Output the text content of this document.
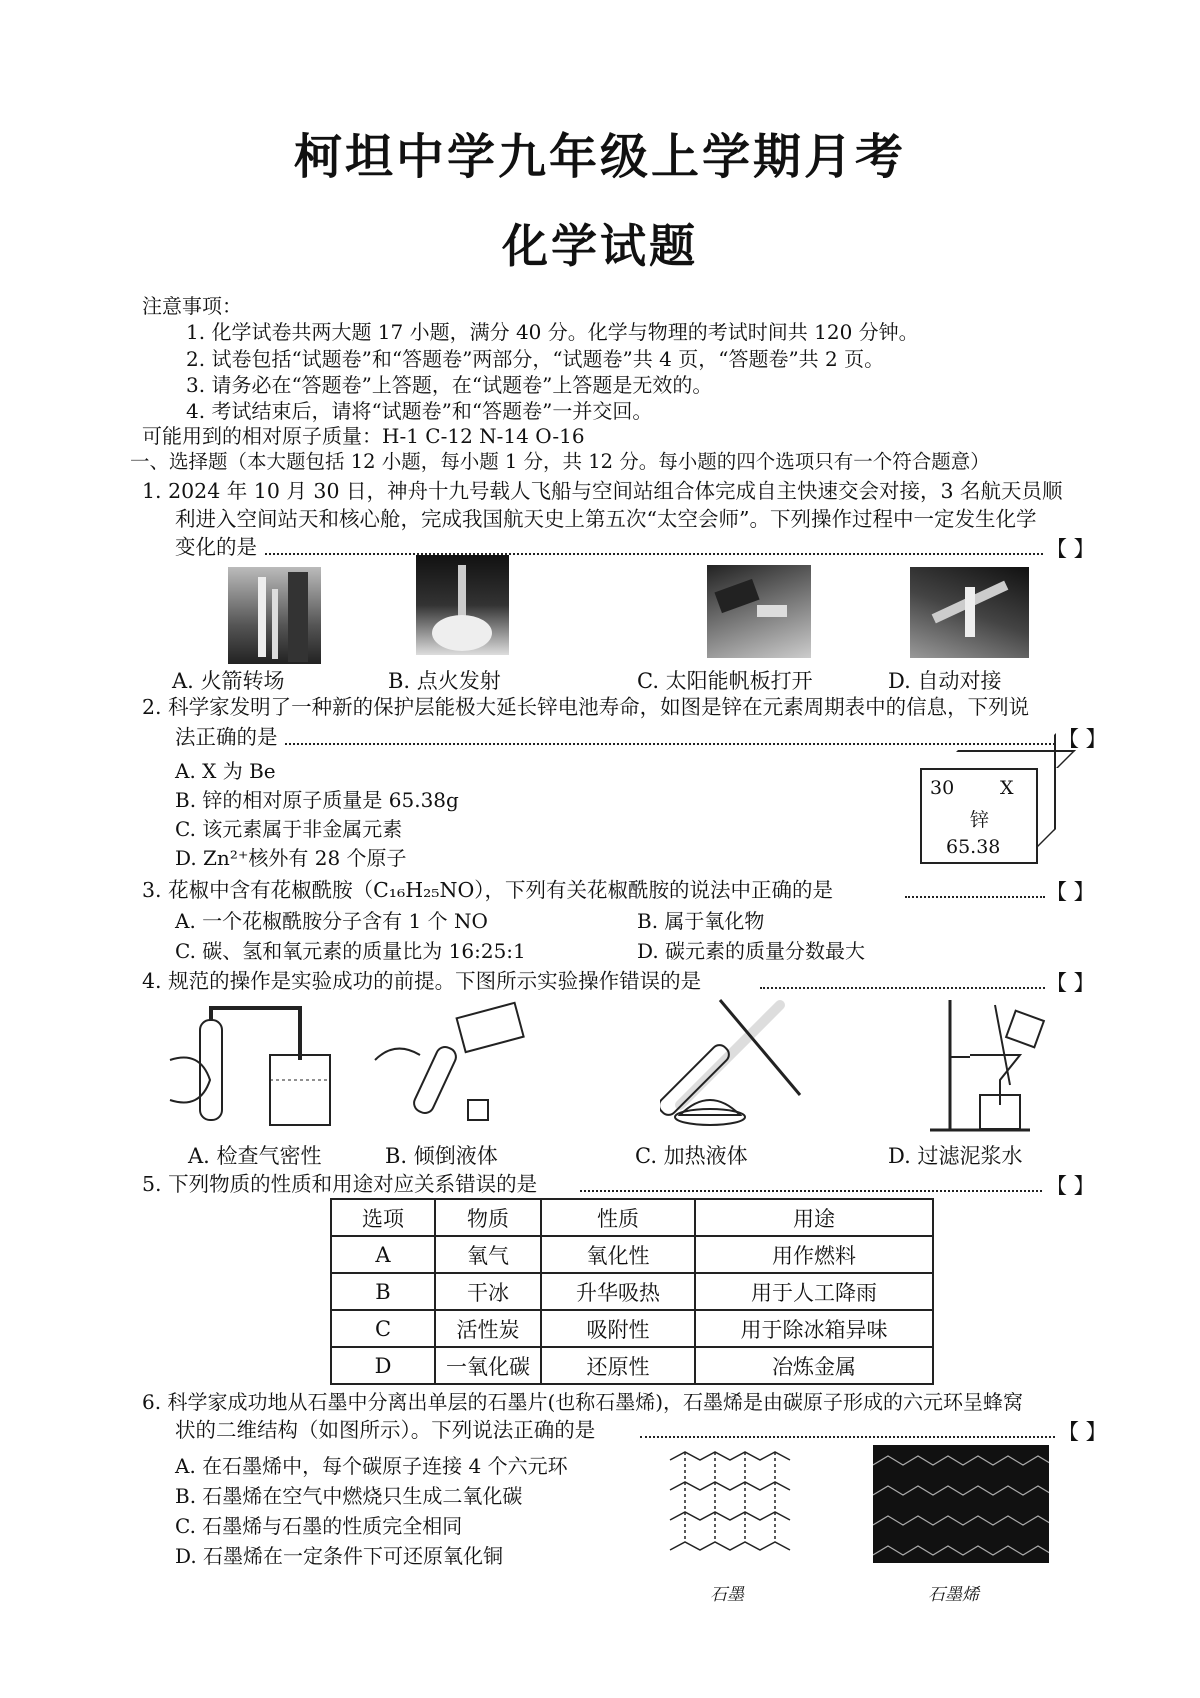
柯坦中学九年级上学期月考
化学试题
注意事项：
1. 化学试卷共两大题 17 小题，满分 40 分。化学与物理的考试时间共 120 分钟。
2. 试卷包括“试题卷”和“答题卷”两部分，“试题卷”共 4 页，“答题卷”共 2 页。
3. 请务必在“答题卷”上答题，在“试题卷”上答题是无效的。
4. 考试结束后，请将“试题卷”和“答题卷”一并交回。
可能用到的相对原子质量：H-1 C-12 N-14 O-16
一、选择题（本大题包括 12 小题，每小题 1 分，共 12 分。每小题的四个选项只有一个符合题意）
1. 2024 年 10 月 30 日，神舟十九号载人飞船与空间站组合体完成自主快速交会对接，3 名航天员顺
利进入空间站天和核心舱，完成我国航天史上第五次“太空会师”。下列操作过程中一定发生化学
变化的是	【 】
A. 火箭转场	B. 点火发射	C. 太阳能帆板打开	D. 自动对接
2. 科学家发明了一种新的保护层能极大延长锌电池寿命，如图是锌在元素周期表中的信息，下列说
法正确的是	【 】
A. X 为 Be
B. 锌的相对原子质量是 65.38g
C. 该元素属于非金属元素
D. Zn²⁺核外有 28 个原子
30 X
锌
65.38
3. 花椒中含有花椒酰胺（C₁₆H₂₅NO），下列有关花椒酰胺的说法中正确的是	【 】
A. 一个花椒酰胺分子含有 1 个 NO	B. 属于氧化物
C. 碳、氢和氧元素的质量比为 16:25:1	D. 碳元素的质量分数最大
4. 规范的操作是实验成功的前提。下图所示实验操作错误的是	【 】
A. 检查气密性	B. 倾倒液体	C. 加热液体	D. 过滤泥浆水
5. 下列物质的性质和用途对应关系错误的是	【 】
选项	物质	性质	用途
A	氧气	氧化性	用作燃料
B	干冰	升华吸热	用于人工降雨
C	活性炭	吸附性	用于除冰箱异味
D	一氧化碳	还原性	冶炼金属
6. 科学家成功地从石墨中分离出单层的石墨片(也称石墨烯)，石墨烯是由碳原子形成的六元环呈蜂窝
状的二维结构（如图所示）。下列说法正确的是	【 】
A. 在石墨烯中，每个碳原子连接 4 个六元环
B. 石墨烯在空气中燃烧只生成二氧化碳
C. 石墨烯与石墨的性质完全相同
D. 石墨烯在一定条件下可还原氧化铜
石墨	石墨烯
